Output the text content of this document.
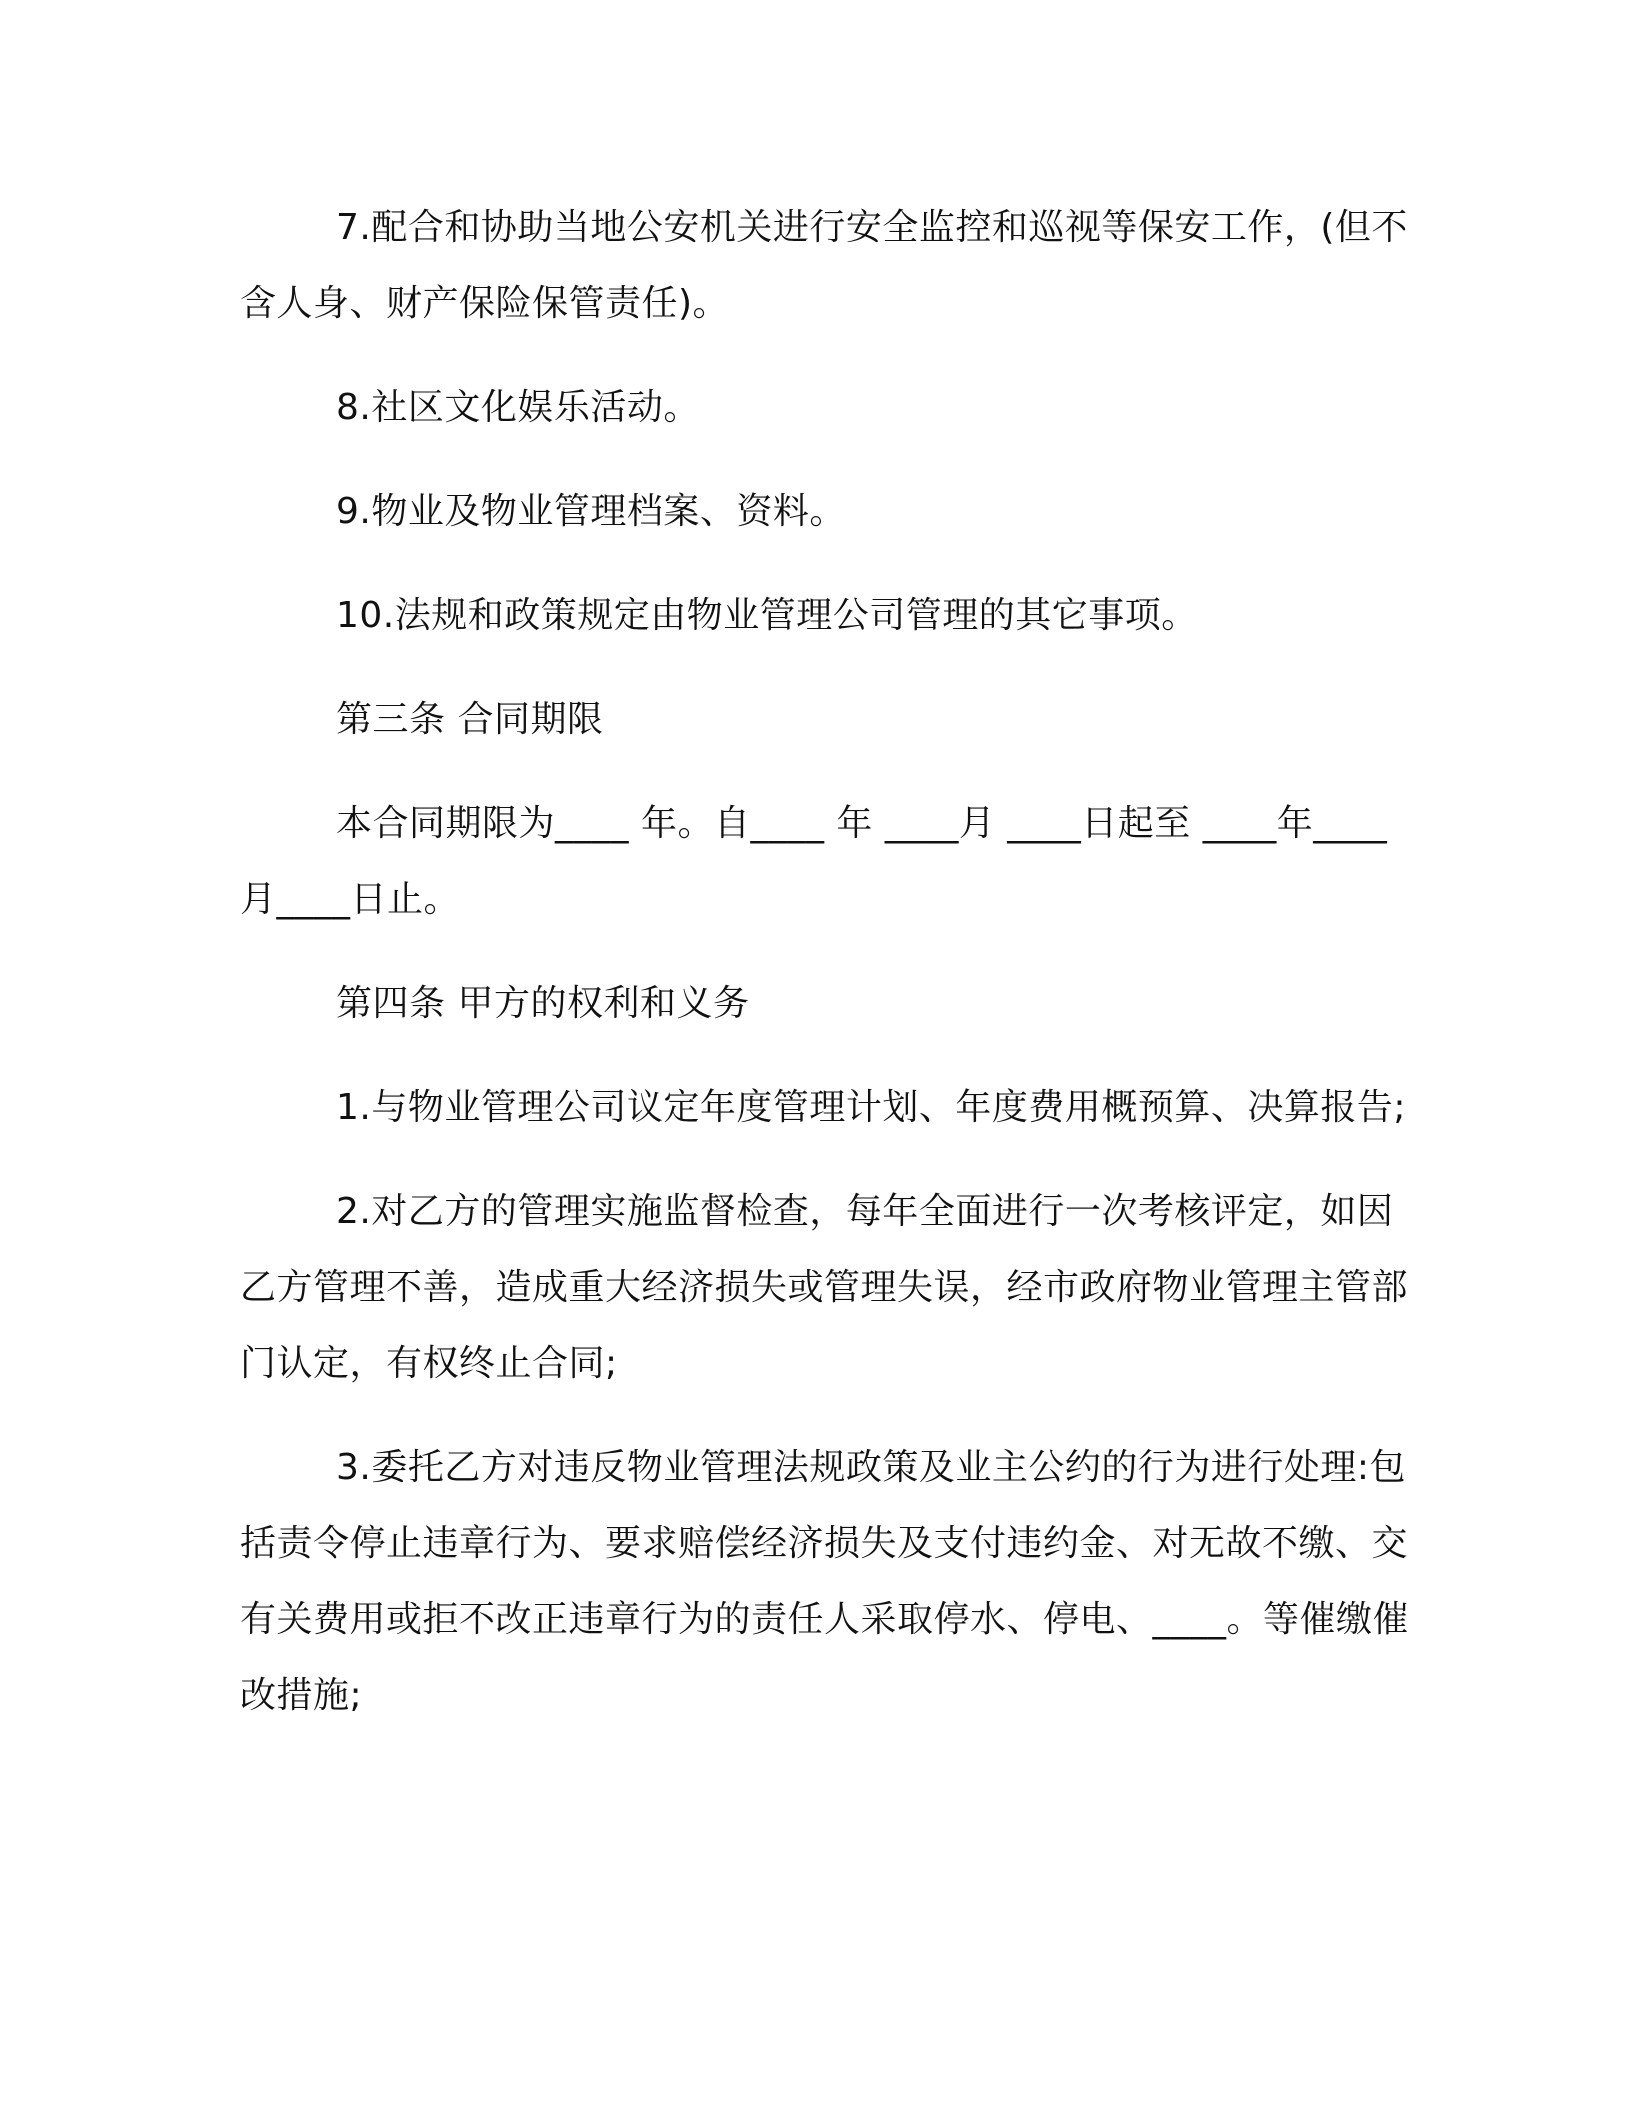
7.配合和协助当地公安机关进行安全监控和巡视等保安工作，(但不含人身、财产保险保管责任)。

8.社区文化娱乐活动。

9.物业及物业管理档案、资料。

10.法规和政策规定由物业管理公司管理的其它事项。

第三条 合同期限

本合同期限为____ 年。自____ 年 ____月 ____日起至 ____年____月____日止。

第四条 甲方的权利和义务

1.与物业管理公司议定年度管理计划、年度费用概预算、决算报告;

2.对乙方的管理实施监督检查，每年全面进行一次考核评定，如因乙方管理不善，造成重大经济损失或管理失误，经市政府物业管理主管部门认定，有权终止合同;

3.委托乙方对违反物业管理法规政策及业主公约的行为进行处理:包括责令停止违章行为、要求赔偿经济损失及支付违约金、对无故不缴、交有关费用或拒不改正违章行为的责任人采取停水、停电、____。等催缴催改措施;
